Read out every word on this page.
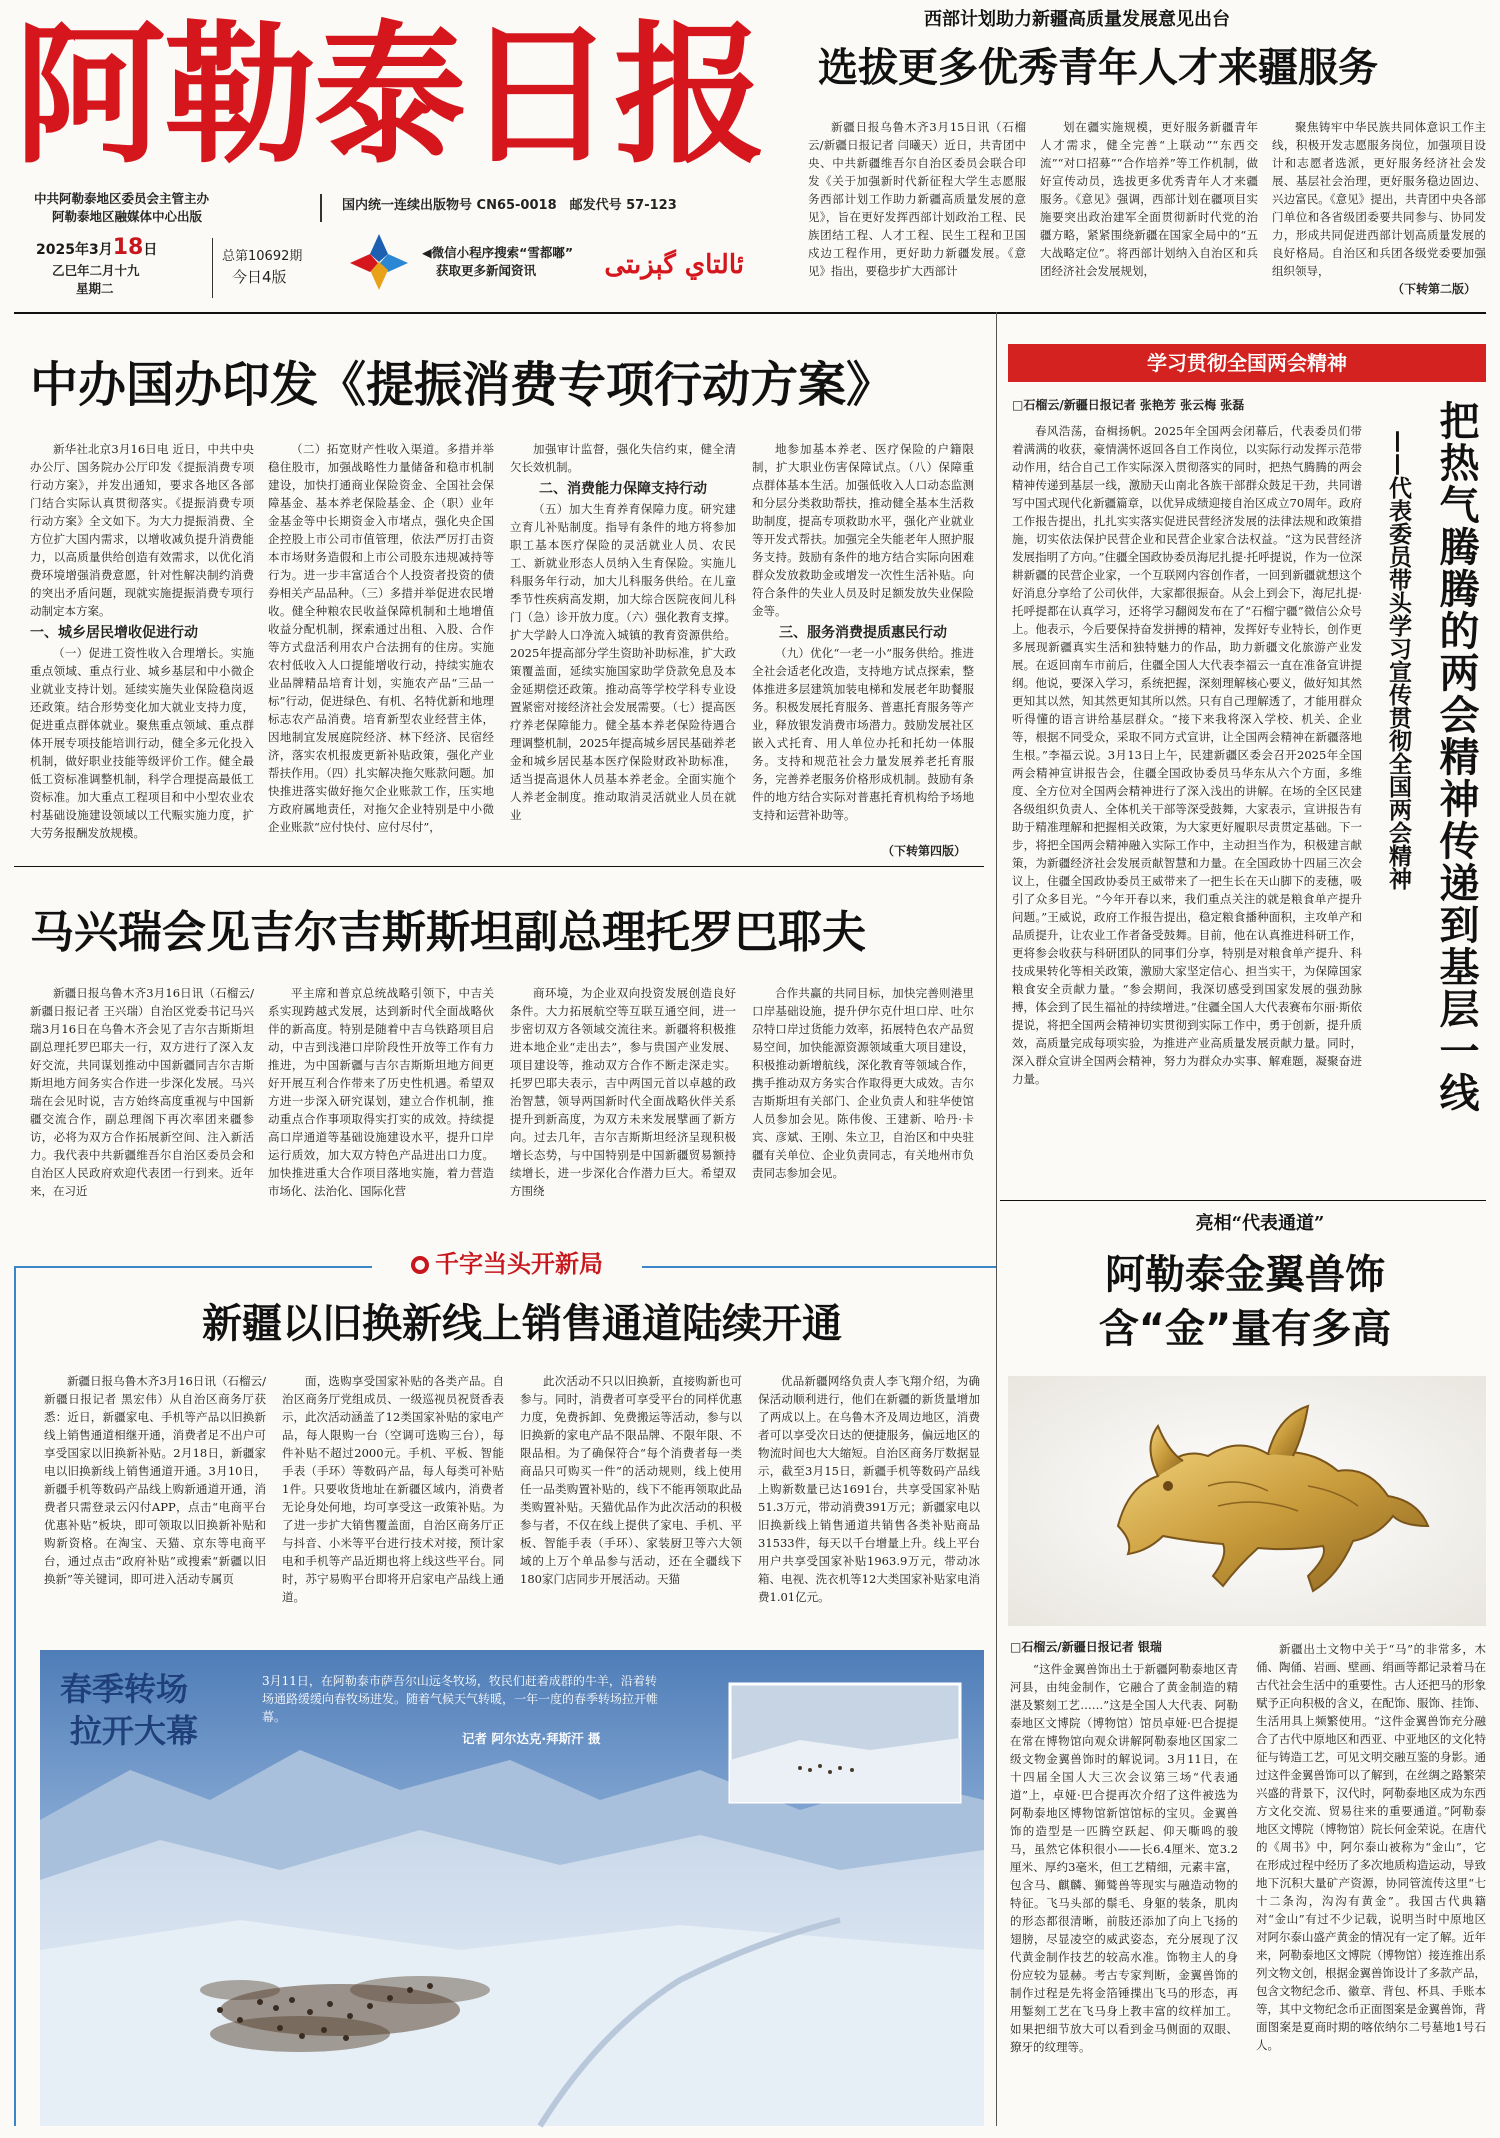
阿勒泰日报
中共阿勒泰地区委员会主管主办
阿勒泰地区融媒体中心出版
2025年3月18日
乙巳年二月十九
星期二
总第10692期
今日4版
国内统一连续出版物号 CN65-0018　邮发代号 57-123
◀微信小程序搜索“雪都嘟”
获取更多新闻资讯	ئالتاي گېزىتى
西部计划助力新疆高质量发展意见出台
选拔更多优秀青年人才来疆服务

新疆日报乌鲁木齐3月15日讯（石榴云/新疆日报记者 闫曦天）近日，共青团中央、中共新疆维吾尔自治区委员会联合印发《关于加强新时代新征程大学生志愿服务西部计划工作助力新疆高质量发展的意见》，旨在更好发挥西部计划政治工程、民族团结工程、人才工程、民生工程和卫国戍边工程作用，更好助力新疆发展。《意见》指出，要稳步扩大西部计

划在疆实施规模，更好服务新疆青年人才需求，健全完善“上联动”“东西交流”“对口招募”“合作培养”等工作机制，做好宣传动员，选拔更多优秀青年人才来疆服务。《意见》强调，西部计划在疆项目实施要突出政治建军全面贯彻新时代党的治疆方略，紧紧围绕新疆在国家全局中的“五大战略定位”。将西部计划纳入自治区和兵团经济社会发展规划，

聚焦铸牢中华民族共同体意识工作主线，积极开发志愿服务岗位，加强项目设计和志愿者选派，更好服务经济社会发展、基层社会治理，更好服务稳边固边、兴边富民。《意见》提出，共青团中央各部门单位和各省级团委要共同参与、协同发力，形成共同促进西部计划高质量发展的良好格局。自治区和兵团各级党委要加强组织领导，

（下转第二版）
中办国办印发《提振消费专项行动方案》

新华社北京3月16日电 近日，中共中央办公厅、国务院办公厅印发《提振消费专项行动方案》，并发出通知，要求各地区各部门结合实际认真贯彻落实。《提振消费专项行动方案》全文如下。为大力提振消费、全方位扩大国内需求，以增收减负提升消费能力，以高质量供给创造有效需求，以优化消费环境增强消费意愿，针对性解决制约消费的突出矛盾问题，现就实施提振消费专项行动制定本方案。

一、城乡居民增收促进行动

（一）促进工资性收入合理增长。实施重点领域、重点行业、城乡基层和中小微企业就业支持计划。延续实施失业保险稳岗返还政策。结合形势变化加大就业支持力度，促进重点群体就业。聚焦重点领域、重点群体开展专项技能培训行动，健全多元化投入机制，做好职业技能等级评价工作。健全最低工资标准调整机制，科学合理提高最低工资标准。加大重点工程项目和中小型农业农村基础设施建设领域以工代赈实施力度，扩大劳务报酬发放规模。

（二）拓宽财产性收入渠道。多措并举稳住股市，加强战略性力量储备和稳市机制建设，加快打通商业保险资金、全国社会保障基金、基本养老保险基金、企（职）业年金基金等中长期资金入市堵点，强化央企国企控股上市公司市值管理，依法严厉打击资本市场财务造假和上市公司股东违规减持等行为。进一步丰富适合个人投资者投资的债券相关产品品种。（三）多措并举促进农民增收。健全种粮农民收益保障机制和土地增值收益分配机制，探索通过出租、入股、合作等方式盘活利用农户合法拥有的住房。实施农村低收入人口提能增收行动，持续实施农业品牌精品培育计划，实施农产品“三品一标”行动，促进绿色、有机、名特优新和地理标志农产品消费。培育新型农业经营主体，因地制宜发展庭院经济、林下经济、民宿经济，落实农机报废更新补贴政策，强化产业帮扶作用。（四）扎实解决拖欠账款问题。加快推进落实做好拖欠企业账款工作，压实地方政府属地责任，对拖欠企业特别是中小微企业账款“应付快付、应付尽付”，

加强审计监督，强化失信约束，健全清欠长效机制。

二、消费能力保障支持行动

（五）加大生育养育保障力度。研究建立育儿补贴制度。指导有条件的地方将参加职工基本医疗保险的灵活就业人员、农民工、新就业形态人员纳入生育保险。实施儿科服务年行动，加大儿科服务供给。在儿童季节性疾病高发期，加大综合医院夜间儿科门（急）诊开放力度。（六）强化教育支撑。扩大学龄人口净流入城镇的教育资源供给。2025年提高部分学生资助补助标准，扩大政策覆盖面，延续实施国家助学贷款免息及本金延期偿还政策。推动高等学校学科专业设置紧密对接经济社会发展需要。（七）提高医疗养老保障能力。健全基本养老保险待遇合理调整机制，2025年提高城乡居民基础养老金和城乡居民基本医疗保险财政补助标准，适当提高退休人员基本养老金。全面实施个人养老金制度。推动取消灵活就业人员在就业

地参加基本养老、医疗保险的户籍限制，扩大职业伤害保障试点。（八）保障重点群体基本生活。加强低收入人口动态监测和分层分类救助帮扶，推动健全基本生活救助制度，提高专项救助水平，强化产业就业等开发式帮扶。加强完全失能老年人照护服务支持。鼓励有条件的地方结合实际向困难群众发放救助金或增发一次性生活补贴。向符合条件的失业人员及时足额发放失业保险金等。

三、服务消费提质惠民行动

（九）优化“一老一小”服务供给。推进全社会适老化改造，支持地方试点探索，整体推进多层建筑加装电梯和发展老年助餐服务。积极发展托育服务、普惠托育服务等产业，释放银发消费市场潜力。鼓励发展社区嵌入式托育、用人单位办托和托幼一体服务。支持和规范社会力量发展养老托育服务，完善养老服务价格形成机制。鼓励有条件的地方结合实际对普惠托育机构给予场地支持和运营补助等。

（下转第四版）
马兴瑞会见吉尔吉斯斯坦副总理托罗巴耶夫

新疆日报乌鲁木齐3月16日讯（石榴云/新疆日报记者 王兴瑞）自治区党委书记马兴瑞3月16日在乌鲁木齐会见了吉尔吉斯斯坦副总理托罗巴耶夫一行，双方进行了深入友好交流，共同谋划推动中国新疆同吉尔吉斯斯坦地方间务实合作进一步深化发展。马兴瑞在会见时说，吉方始终高度重视与中国新疆交流合作，副总理阁下再次率团来疆参访，必将为双方合作拓展新空间、注入新活力。我代表中共新疆维吾尔自治区委员会和自治区人民政府欢迎代表团一行到来。近年来，在习近

平主席和普京总统战略引领下，中吉关系实现跨越式发展，达到新时代全面战略伙伴的新高度。特别是随着中吉乌铁路项目启动，中吉到浅港口岸阶段性开放等工作有力推进，为中国新疆与吉尔吉斯斯坦地方间更好开展互利合作带来了历史性机遇。希望双方进一步深入研究谋划，建立合作机制，推动重点合作事项取得实打实的成效。持续提高口岸通道等基础设施建设水平，提升口岸运行质效，加大双方特色产品进出口力度。加快推进重大合作项目落地实施，着力营造市场化、法治化、国际化营

商环境，为企业双向投资发展创造良好条件。大力拓展航空等互联互通空间，进一步密切双方各领域交流往来。新疆将积极推进本地企业“走出去”，参与贵国产业发展、项目建设等，推动双方合作不断走深走实。托罗巴耶夫表示，吉中两国元首以卓越的政治智慧，领导两国新时代全面战略伙伴关系提升到新高度，为双方未来发展擘画了新方向。过去几年，吉尔吉斯斯坦经济呈现积极增长态势，与中国特别是中国新疆贸易额持续增长，进一步深化合作潜力巨大。希望双方围绕

合作共赢的共同目标，加快完善则港里口岸基础设施，提升伊尔克什坦口岸、吐尔尕特口岸过货能力效率，拓展特色农产品贸易空间，加快能源资源领域重大项目建设，积极推动新增航线，深化教育等领域合作，携手推动双方务实合作取得更大成效。吉尔吉斯斯坦有关部门、企业负责人和驻华使馆人员参加会见。陈伟俊、王建新、哈丹·卡宾、彦斌、王刚、朱立卫，自治区和中央驻疆有关单位、企业负责同志，有关地州市负责同志参加会见。

千字当头开新局
新疆以旧换新线上销售通道陆续开通

新疆日报乌鲁木齐3月16日讯（石榴云/新疆日报记者 黑宏伟）从自治区商务厅获悉：近日，新疆家电、手机等产品以旧换新线上销售通道相继开通，消费者足不出户可享受国家以旧换新补贴。2月18日，新疆家电以旧换新线上销售通道开通。3月10日，新疆手机等数码产品线上购新通道开通，消费者只需登录云闪付APP，点击“电商平台优惠补贴”板块，即可领取以旧换新补贴和购新资格。在淘宝、天猫、京东等电商平台，通过点击“政府补贴”或搜索“新疆以旧换新”等关键词，即可进入活动专属页

面，选购享受国家补贴的各类产品。自治区商务厅党组成员、一级巡视员祝贤香表示，此次活动涵盖了12类国家补贴的家电产品，每人限购一台（空调可选购三台），每件补贴不超过2000元。手机、平板、智能手表（手环）等数码产品，每人每类可补贴1件。只要收货地址在新疆区域内，消费者无论身处何地，均可享受这一政策补贴。为了进一步扩大销售覆盖面，自治区商务厅正与抖音、小米等平台进行技术对接，预计家电和手机等产品近期也将上线这些平台。同时，苏宁易购平台即将开启家电产品线上通道。

此次活动不只以旧换新，直接购新也可参与。同时，消费者可享受平台的同样优惠力度，免费拆卸、免费搬运等活动，参与以旧换新的家电产品不限品牌、不限年限、不限品相。为了确保符合“每个消费者每一类商品只可购买一件”的活动规则，线上使用任一品类购置补贴的，线下不能再领取此品类购置补贴。天猫优品作为此次活动的积极参与者，不仅在线上提供了家电、手机、平板、智能手表（手环）、家装厨卫等六大领域的上万个单品参与活动，还在全疆线下180家门店同步开展活动。天猫

优品新疆网络负责人李飞翔介绍，为确保活动顺利进行，他们在新疆的新货量增加了两成以上。在乌鲁木齐及周边地区，消费者可以享受次日达的便捷服务，偏远地区的物流时间也大大缩短。自治区商务厅数据显示，截至3月15日，新疆手机等数码产品线上购新数量已达1691台，共享受国家补贴51.3万元，带动消费391万元；新疆家电以旧换新线上销售通道共销售各类补贴商品31533件，每天以千台增量上升。线上平台用户共享受国家补贴1963.9万元，带动冰箱、电视、洗衣机等12大类国家补贴家电消费1.01亿元。

春季转场
拉开大幕
3月11日，在阿勒泰市萨吾尔山远冬牧场，牧民们赶着成群的牛羊，沿着转场通路缓缓向春牧场进发。随着气候天气转暖，一年一度的春季转场拉开帷幕。
记者 阿尔达克·拜斯汗 摄
学习贯彻全国两会精神
□石榴云/新疆日报记者 张艳芳 张云梅 张磊

春风浩荡，奋楫扬帆。2025年全国两会闭幕后，代表委员们带着满满的收获，豪情满怀返回各自工作岗位，以实际行动发挥示范带动作用，结合自己工作实际深入贯彻落实的同时，把热气腾腾的两会精神传递到基层一线，激励天山南北各族干部群众鼓足干劲，共同谱写中国式现代化新疆篇章，以优异成绩迎接自治区成立70周年。政府工作报告提出，扎扎实实落实促进民营经济发展的法律法规和政策措施，切实依法保护民营企业和民营企业家合法权益。“这为民营经济发展指明了方向。”住疆全国政协委员海尼扎提·托呼提说，作为一位深耕新疆的民营企业家，一个互联网内容创作者，一回到新疆就想这个好消息分享给了公司伙伴，大家都很振奋。从会上到会下，海尼扎提·托呼提都在认真学习，还将学习翻阅发布在了“石榴宁疆”微信公众号上。他表示，今后要保持奋发拼搏的精神，发挥好专业特长，创作更多展现新疆真实生活和独特魅力的作品，助力新疆文化旅游产业发展。在返回南车市前后，住疆全国人大代表李福云一直在准备宣讲提纲。他说，要深入学习，系统把握，深刻理解核心要义，做好知其然更知其以然，知其然更知其所以然。只有自己理解透了，才能用群众听得懂的语言讲给基层群众。“接下来我将深入学校、机关、企业等，根据不同受众，采取不同方式宣讲，让全国两会精神在新疆落地生根。”李福云说。3月13日上午，民建新疆区委会召开2025年全国两会精神宣讲报告会，住疆全国政协委员马华东从六个方面，多维度、全方位对全国两会精神进行了深入浅出的讲解。在场的全区民建各级组织负责人、全体机关干部等深受鼓舞，大家表示，宣讲报告有助于精准理解和把握相关政策，为大家更好履职尽责贯定基础。下一步，将把全国两会精神融入实际工作中，主动担当作为，积极建言献策，为新疆经济社会发展贡献智慧和力量。在全国政协十四届三次会议上，住疆全国政协委员王威带来了一把生长在天山脚下的麦穗，吸引了众多目光。“今年开春以来，我们重点关注的就是粮食单产提升问题。”王威说，政府工作报告提出，稳定粮食播种面积，主攻单产和品质提升，让农业工作者备受鼓舞。目前，他在认真推进科研工作，更将参会收获与科研团队的同事们分享，特别是对粮食单产提升、科技成果转化等相关政策，激励大家坚定信心、担当实干，为保障国家粮食安全贡献力量。“参会期间，我深切感受到国家发展的强劲脉搏，体会到了民生福祉的持续增进。”住疆全国人大代表赛布尔丽·斯依提说，将把全国两会精神切实贯彻到实际工作中，勇于创新，提升质效，高质量完成每项实验，为推进产业高质量发展贡献力量。同时，深入群众宣讲全国两会精神，努力为群众办实事、解难题，凝聚奋进力量。	把热气腾腾的两会精神传递到基层一线
——代表委员带头学习宣传贯彻全国两会精神
亮相“代表通道”
阿勒泰金翼兽饰
含“金”量有多高
□石榴云/新疆日报记者 银瑞

“这件金翼兽饰出土于新疆阿勒泰地区青河县，由纯金制作，它融合了黄金制造的精湛及繁刻工艺……”这是全国人大代表、阿勒泰地区文博院（博物馆）馆员卓娅·巴合提提在常在博物馆向观众讲解阿勒泰地区国家二级文物金翼兽饰时的解说词。3月11日，在十四届全国人大三次会议第三场“代表通道”上，卓娅·巴合提再次介绍了这件被选为阿勒泰地区博物馆新馆馆标的宝贝。金翼兽饰的造型是一匹腾空跃起、仰天嘶鸣的骏马，虽然它体积很小——长6.4厘米、宽3.2厘米、厚约3毫米，但工艺精细，元素丰富，包含马、麒麟、狮鹫兽等现实与融造动物的特征。飞马头部的鬃毛、身躯的装条，肌肉的形态都很清晰，前肢还添加了向上飞扬的翅膀，尽显凌空的威武姿态，充分展现了汉代黄金制作技艺的较高水准。饰物主人的身份应较为显赫。考古专家判断，金翼兽饰的制作过程是先将金箔锤揲出飞马的形态，再用錾刻工艺在飞马身上教丰富的纹样加工。如果把细节放大可以看到金马侧面的双眼、獠牙的纹理等。

新疆出土文物中关于“马”的非常多，木俑、陶俑、岩画、壁画、绢画等都记录着马在古代社会生活中的重要性。古人还把马的形象赋予正向积极的含义，在配饰、服饰、挂饰、生活用具上频繁使用。“这件金翼兽饰充分融合了古代中原地区和西亚、中亚地区的文化特征与铸造工艺，可见文明交融互鉴的身影。通过这件金翼兽饰可以了解到，在丝绸之路繁荣兴盛的背景下，汉代时，阿勒泰地区成为东西方文化交流、贸易往来的重要通道。”阿勒泰地区文博院（博物馆）院长何金荣说。在唐代的《周书》中，阿尔泰山被称为“金山”，它在形成过程中经历了多次地质构造运动，导致地下沉积大量矿产资源，协同管流传这里“七十二条沟，沟沟有黄金”。我国古代典籍对“金山”有过不少记载，说明当时中原地区对阿尔泰山盛产黄金的情况有一定了解。近年来，阿勒泰地区文博院（博物馆）接连推出系列文物文创，根据金翼兽饰设计了多款产品，包含文物纪念币、徽章、背包、杯具、手账本等，其中文物纪念币正面图案是金翼兽饰，背面图案是夏商时期的喀依纳尔二号墓地1号石人。
